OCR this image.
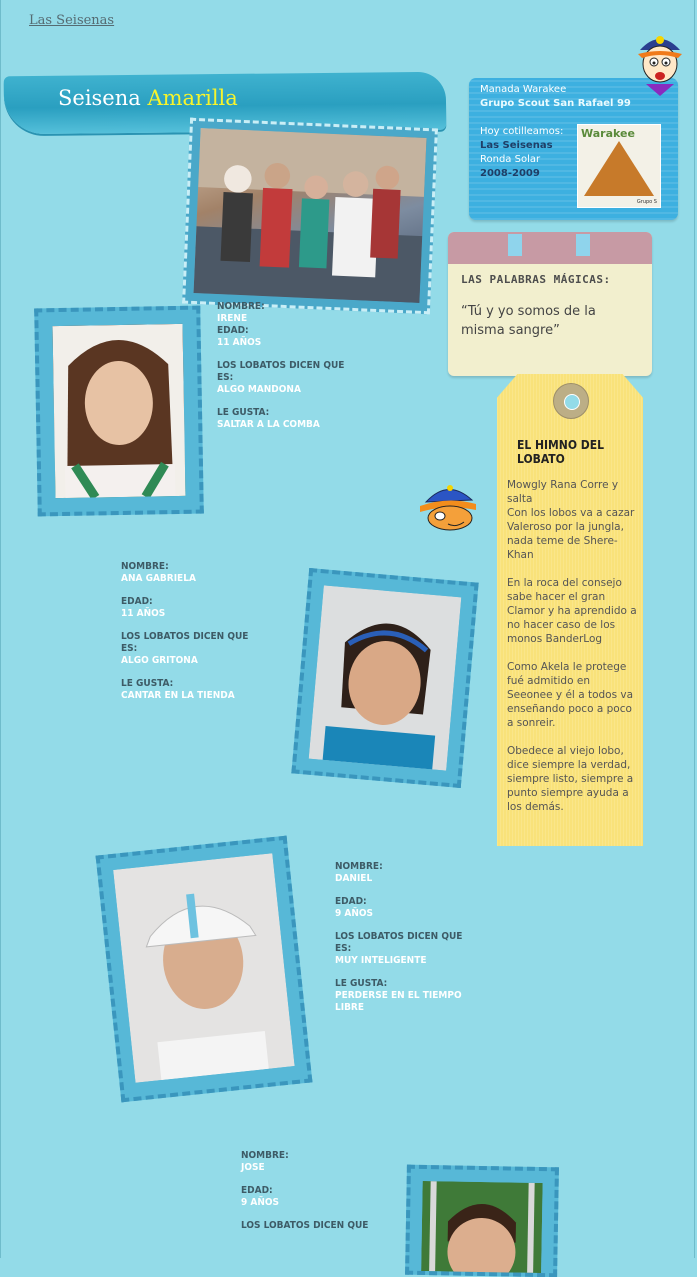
Las Seisenas
Seisena Amarilla	Manada Warakee
Grupo Scout San Rafael 99
Hoy cotilleamos:
Las Seisenas
Ronda Solar
2008-2009
Warakee
Grupo S
LAS PALABRAS MÁGICAS:
“Tú y yo somos de la misma sangre”
EL HIMNO DEL LOBATO
Mowgly Rana Corre y salta
Con los lobos va a cazar
Valeroso por la jungla, nada teme de Shere-Khan

En la roca del consejo sabe hacer el gran Clamor y ha aprendido a no hacer caso de los monos BanderLog

Como Akela le protege fué admitido en Seeonee y él a todos va enseñando poco a poco a sonreir.

Obedece al viejo lobo, dice siempre la verdad, siempre listo, siempre a punto siempre ayuda a los demás.
NOMBRE:
IRENE
EDAD:
11 AÑOS
LOS LOBATOS DICEN QUE ES:
ALGO MANDONA
LE GUSTA:
SALTAR A LA COMBA
NOMBRE:
ANA GABRIELA
EDAD:
11 AÑOS
LOS LOBATOS DICEN QUE ES:
ALGO GRITONA
LE GUSTA:
CANTAR EN LA TIENDA
NOMBRE:
DANIEL
EDAD:
9 AÑOS
LOS LOBATOS DICEN QUE ES:
MUY INTELIGENTE
LE GUSTA:
PERDERSE EN EL TIEMPO LIBRE
NOMBRE:
JOSE
EDAD:
9 AÑOS
LOS LOBATOS DICEN QUE
